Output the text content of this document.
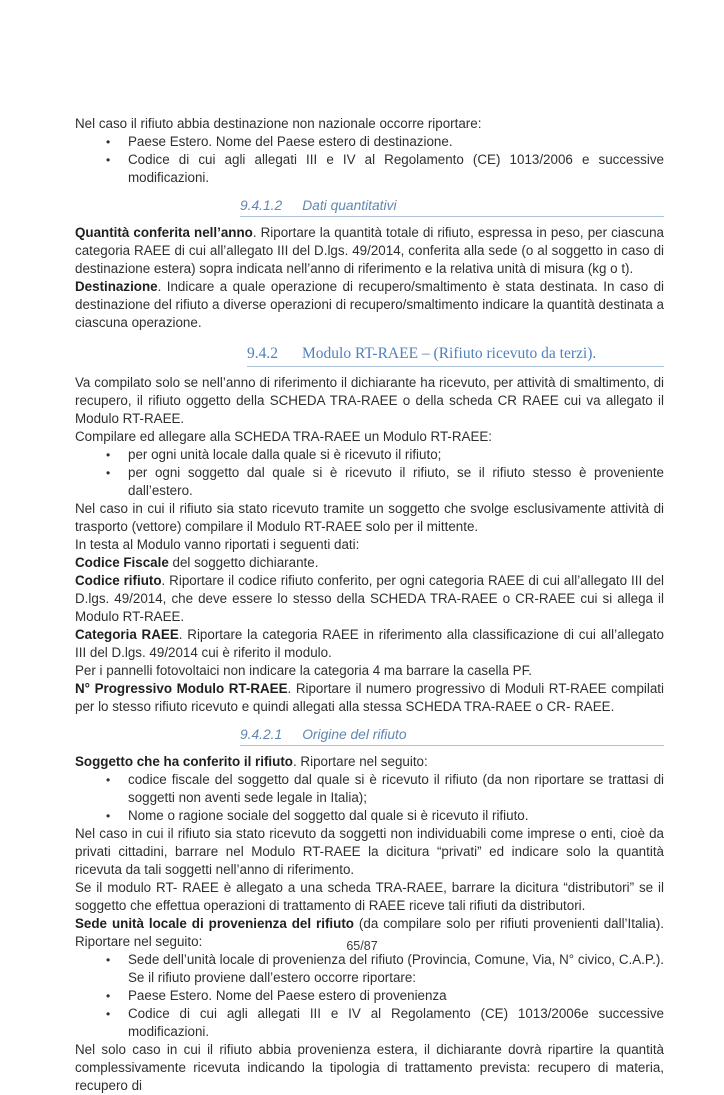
Nel caso il rifiuto abbia destinazione non nazionale occorre riportare:
• Paese Estero. Nome del Paese estero di destinazione.
• Codice di cui agli allegati III e IV al Regolamento (CE) 1013/2006 e successive modificazioni.
9.4.1.2 Dati quantitativi
Quantità conferita nell’anno. Riportare la quantità totale di rifiuto, espressa in peso, per ciascuna categoria RAEE di cui all’allegato III del D.lgs. 49/2014, conferita alla sede (o al soggetto in caso di destinazione estera) sopra indicata nell’anno di riferimento e la relativa unità di misura (kg o t).
Destinazione. Indicare a quale operazione di recupero/smaltimento è stata destinata. In caso di destinazione del rifiuto a diverse operazioni di recupero/smaltimento indicare la quantità destinata a ciascuna operazione.
9.4.2 Modulo RT-RAEE – (Rifiuto ricevuto da terzi).
Va compilato solo se nell’anno di riferimento il dichiarante ha ricevuto, per attività di smaltimento, di recupero, il rifiuto oggetto della SCHEDA TRA-RAEE o della scheda CR RAEE cui va allegato il Modulo RT-RAEE.
Compilare ed allegare alla SCHEDA TRA-RAEE un Modulo RT-RAEE:
• per ogni unità locale dalla quale si è ricevuto il rifiuto;
• per ogni soggetto dal quale si è ricevuto il rifiuto, se il rifiuto stesso è proveniente dall’estero.
Nel caso in cui il rifiuto sia stato ricevuto tramite un soggetto che svolge esclusivamente attività di trasporto (vettore) compilare il Modulo RT-RAEE solo per il mittente.
In testa al Modulo vanno riportati i seguenti dati:
Codice Fiscale del soggetto dichiarante.
Codice rifiuto. Riportare il codice rifiuto conferito, per ogni categoria RAEE di cui all’allegato III del D.lgs. 49/2014, che deve essere lo stesso della SCHEDA TRA-RAEE o CR-RAEE cui si allega il Modulo RT-RAEE.
Categoria RAEE. Riportare la categoria RAEE in riferimento alla classificazione di cui all’allegato III del D.lgs. 49/2014 cui è riferito il modulo.
Per i pannelli fotovoltaici non indicare la categoria 4 ma barrare la casella PF.
N° Progressivo Modulo RT-RAEE. Riportare il numero progressivo di Moduli RT-RAEE compilati per lo stesso rifiuto ricevuto e quindi allegati alla stessa SCHEDA TRA-RAEE o CR- RAEE.
9.4.2.1 Origine del rifiuto
Soggetto che ha conferito il rifiuto. Riportare nel seguito:
• codice fiscale del soggetto dal quale si è ricevuto il rifiuto (da non riportare se trattasi di soggetti non aventi sede legale in Italia);
• Nome o ragione sociale del soggetto dal quale si è ricevuto il rifiuto.
Nel caso in cui il rifiuto sia stato ricevuto da soggetti non individuabili come imprese o enti, cioè da privati cittadini, barrare nel Modulo RT-RAEE la dicitura “privati” ed indicare solo la quantità ricevuta da tali soggetti nell’anno di riferimento.
Se il modulo RT- RAEE è allegato a una scheda TRA-RAEE, barrare la dicitura “distributori” se il soggetto che effettua operazioni di trattamento di RAEE riceve tali rifiuti da distributori.
Sede unità locale di provenienza del rifiuto (da compilare solo per rifiuti provenienti dall’Italia). Riportare nel seguito:
• Sede dell’unità locale di provenienza del rifiuto (Provincia, Comune, Via, N° civico, C.A.P.). Se il rifiuto proviene dall’estero occorre riportare:
• Paese Estero. Nome del Paese estero di provenienza
• Codice di cui agli allegati III e IV al Regolamento (CE) 1013/2006e successive modificazioni.
Nel solo caso in cui il rifiuto abbia provenienza estera, il dichiarante dovrà ripartire la quantità complessivamente ricevuta indicando la tipologia di trattamento prevista: recupero di materia, recupero di
65/87
